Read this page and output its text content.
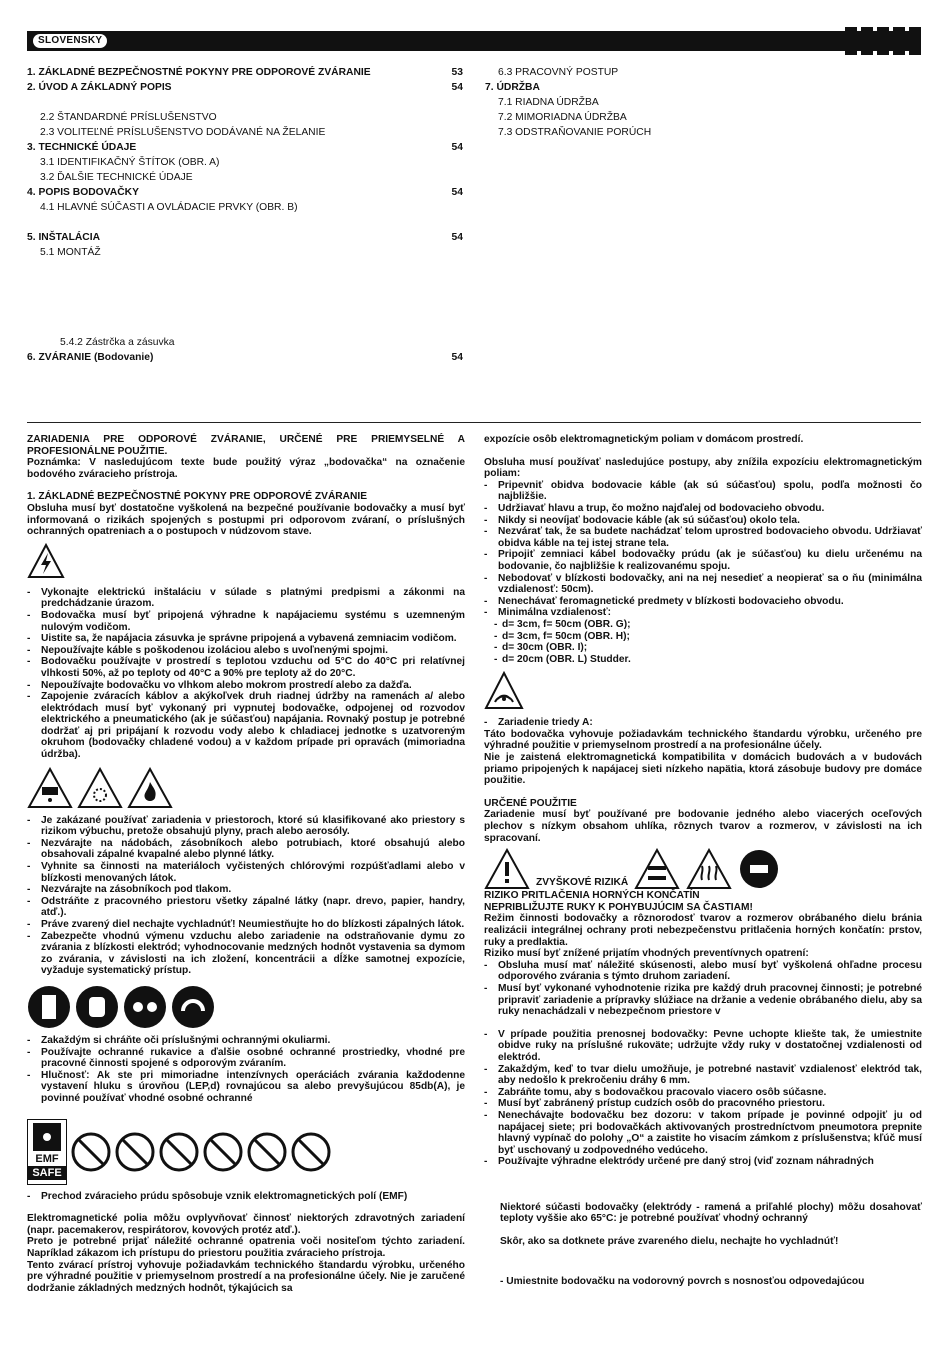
SLOVENSKY
1. ZÁKLADNÉ BEZPEČNOSTNÉ POKYNY PRE ODPOROVÉ ZVÁRANIE	53
2. ÚVOD A ZÁKLADNÝ POPIS	54

2.2 ŠTANDARDNÉ PRÍSLUŠENSTVO
2.3 VOLITEĽNÉ PRÍSLUŠENSTVO DODÁVANÉ NA ŽELANIE
3. TECHNICKÉ ÚDAJE	54
3.1 IDENTIFIKAČNÝ ŠTÍTOK (OBR. A)
3.2 ĎALŠIE TECHNICKÉ ÚDAJE
4. POPIS BODOVAČKY	54
4.1 HLAVNÉ SÚČASTI A OVLÁDACIE PRVKY (OBR. B)

5. INŠTALÁCIA	54
5.1 MONTÁŽ

5.4.2 Zástrčka a zásuvka
6. ZVÁRANIE (Bodovanie)	54
6.3 PRACOVNÝ POSTUP
7. ÚDRŽBA
7.1 RIADNA ÚDRŽBA
7.2 MIMORIADNA ÚDRŽBA
7.3 ODSTRAŇOVANIE PORÚCH

ZARIADENIA PRE ODPOROVÉ ZVÁRANIE, URČENÉ PRE PRIEMYSELNÉ A PROFESIONÁLNE POUŽITIE.

Poznámka: V nasledujúcom texte bude použitý výraz „bodovačka“ na označenie bodového zváracieho prístroja.

1. ZÁKLADNÉ BEZPEČNOSTNÉ POKYNY PRE ODPOROVÉ ZVÁRANIE

Obsluha musí byť dostatočne vyškolená na bezpečné používanie bodovačky a musí byť informovaná o rizikách spojených s postupmi pri odporovom zváraní, o príslušných ochranných opatreniach a o postupoch v núdzovom stave.

- Vykonajte elektrickú inštaláciu v súlade s platnými predpismi a zákonmi na predchádzanie úrazom.
- Bodovačka musí byť pripojená výhradne k napájaciemu systému s uzemneným nulovým vodičom.
- Uistite sa, že napájacia zásuvka je správne pripojená a vybavená zemniacim vodičom.
- Nepoužívajte káble s poškodenou izoláciou alebo s uvoľnenými spojmi.
- Bodovačku používajte v prostredí s teplotou vzduchu od 5°C do 40°C pri relatívnej vlhkosti 50%, až po teploty od 40°C a 90% pre teploty až do 20°C.
- Nepoužívajte bodovačku vo vlhkom alebo mokrom prostredí alebo za dažďa.
- Zapojenie zváracích káblov a akýkoľvek druh riadnej údržby na ramenách a/ alebo elektródach musí byť vykonaný pri vypnutej bodovačke, odpojenej od rozvodov elektrického a pneumatického (ak je súčasťou) napájania. Rovnaký postup je potrebné dodržať aj pri pripájaní k rozvodu vody alebo k chladiacej jednotke s uzatvoreným okruhom (bodovačky chladené vodou) a v každom prípade pri opravách (mimoriadna údržba).
- Je zakázané používať zariadenia v priestoroch, ktoré sú klasifikované ako priestory s rizikom výbuchu, pretože obsahujú plyny, prach alebo aerosóly.
- Nezvárajte na nádobách, zásobníkoch alebo potrubiach, ktoré obsahujú alebo obsahovali zápalné kvapalné alebo plynné látky.
- Vyhnite sa činnosti na materiáloch vyčistených chlórovými rozpúšťadlami alebo v blízkosti menovaných látok.
- Nezvárajte na zásobníkoch pod tlakom.
- Odstráňte z pracovného priestoru všetky zápalné látky (napr. drevo, papier, handry, atď.).
- Práve zvarený diel nechajte vychladnúť! Neumiestňujte ho do blízkosti zápalných látok.
- Zabezpečte vhodnú výmenu vzduchu alebo zariadenie na odstraňovanie dymu zo zvárania z blízkosti elektród; vyhodnocovanie medzných hodnôt vystavenia sa dymom zo zvárania, v závislosti na ich zložení, koncentrácii a dĺžke samotnej expozície, vyžaduje systematický prístup.
- Zakaždým si chráňte oči príslušnými ochrannými okuliarmi.
- Používajte ochranné rukavice a ďalšie osobné ochranné prostriedky, vhodné pre pracovné činnosti spojené s odporovým zváraním.
- Hlučnosť: Ak ste pri mimoriadne intenzívnych operáciách zvárania každodenne vystavení hluku s úrovňou (LEP,d) rovnajúcou sa alebo prevyšujúcou 85db(A), je povinné používať vhodné osobné ochranné
EMF
SAFE
- Prechod zváracieho prúdu spôsobuje vznik elektromagnetických polí (EMF)

Elektromagnetické polia môžu ovplyvňovať činnosť niektorých zdravotných zariadení (napr. pacemakerov, respirátorov, kovových protéz atď.).

Preto je potrebné prijať náležité ochranné opatrenia voči nositeľom týchto zariadení. Napríklad zákazom ich prístupu do priestoru použitia zváracieho prístroja.

Tento zvárací prístroj vyhovuje požiadavkám technického štandardu výrobku, určeného pre výhradné použitie v priemyselnom prostredí a na profesionálne účely. Nie je zaručené dodržanie základných medzných hodnôt, týkajúcich sa

expozície osôb elektromagnetickým poliam v domácom prostredí.

Obsluha musí používať nasledujúce postupy, aby znížila expozíciu elektromagnetickým poliam:

- Pripevniť obidva bodovacie káble (ak sú súčasťou) spolu, podľa možnosti čo najbližšie.
- Udržiavať hlavu a trup, čo možno najďalej od bodovacieho obvodu.
- Nikdy si neovíjať bodovacie káble (ak sú súčasťou) okolo tela.
- Nezvárať tak, že sa budete nachádzať telom uprostred bodovacieho obvodu. Udržiavať obidva káble na tej istej strane tela.
- Pripojiť zemniaci kábel bodovačky prúdu (ak je súčasťou) ku dielu určenému na bodovanie, čo najbližšie k realizovanému spoju.
- Nebodovať v blízkosti bodovačky, ani na nej nesedieť a neopierať sa o ňu (minimálna vzdialenosť: 50cm).
- Nenechávať feromagnetické predmety v blízkosti bodovacieho obvodu.
- Minimálna vzdialenosť:
- d= 3cm, f= 50cm (OBR. G);
- d= 3cm, f= 50cm (OBR. H);
- d= 30cm (OBR. I);
- d= 20cm (OBR. L) Studder.
- Zariadenie triedy A:

Táto bodovačka vyhovuje požiadavkám technického štandardu výrobku, určeného pre výhradné použitie v priemyselnom prostredí a na profesionálne účely.

Nie je zaistená elektromagnetická kompatibilita v domácich budovách a v budovách priamo pripojených k napájacej sieti nízkeho napätia, ktorá zásobuje budovy pre domáce použitie.

URČENÉ POUŽITIE

Zariadenie musí byť používané pre bodovanie jedného alebo viacerých oceľových plechov s nízkym obsahom uhlíka, rôznych tvarov a rozmerov, v závislosti na ich spracovaní.

ZVYŠKOVÉ RIZIKÁ

RIZIKO PRITLAČENIA HORNÝCH KONČATÍN

NEPRIBLIŽUJTE RUKY K POHYBUJÚCIM SA ČASTIAM!

Režim činnosti bodovačky a rôznorodosť tvarov a rozmerov obrábaného dielu bránia realizácii integrálnej ochrany proti nebezpečenstvu pritlačenia horných končatín: prstov, ruky a predlaktia.

Riziko musí byť znížené prijatím vhodných preventívnych opatrení:

- Obsluha musí mať náležité skúsenosti, alebo musí byť vyškolená ohľadne procesu odporového zvárania s týmto druhom zariadení.
- Musí byť vykonané vyhodnotenie rizika pre každý druh pracovnej činnosti; je potrebné pripraviť zariadenie a prípravky slúžiace na držanie a vedenie obrábaného dielu, aby sa ruky nenachádzali v nebezpečnom priestore v
- V prípade použitia prenosnej bodovačky: Pevne uchopte kliešte tak, že umiestnite obidve ruky na príslušné rukoväte; udržujte vždy ruky v dostatočnej vzdialenosti od elektród.
- Zakaždým, keď to tvar dielu umožňuje, je potrebné nastaviť vzdialenosť elektród tak, aby nedošlo k prekročeniu dráhy 6 mm.
- Zabráňte tomu, aby s bodovačkou pracovalo viacero osôb súčasne.
- Musí byť zabránený prístup cudzích osôb do pracovného priestoru.
- Nenechávajte bodovačku bez dozoru: v takom prípade je povinné odpojiť ju od napájacej siete; pri bodovačkách aktivovaných prostredníctvom pneumotora prepnite hlavný vypínač do polohy „O“ a zaistite ho visacím zámkom z príslušenstva; kľúč musí byť uschovaný u zodpovedného vedúceho.
- Používajte výhradne elektródy určené pre daný stroj (viď zoznam náhradných

Niektoré súčasti bodovačky (elektródy - ramená a priľahlé plochy) môžu dosahovať teploty vyššie ako 65°C: je potrebné používať vhodný ochranný

Skôr, ako sa dotknete práve zvareného dielu, nechajte ho vychladnúť!

- Umiestnite bodovačku na vodorovný povrch s nosnosťou odpovedajúcou
